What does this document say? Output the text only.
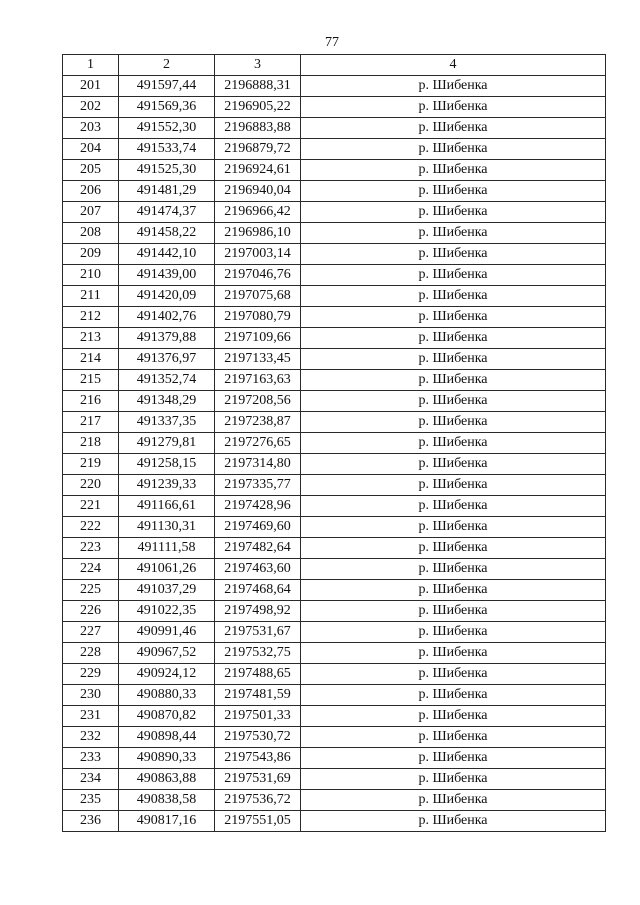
77
1	2	3	4
201	491597,44	2196888,31	р. Шибенка
202	491569,36	2196905,22	р. Шибенка
203	491552,30	2196883,88	р. Шибенка
204	491533,74	2196879,72	р. Шибенка
205	491525,30	2196924,61	р. Шибенка
206	491481,29	2196940,04	р. Шибенка
207	491474,37	2196966,42	р. Шибенка
208	491458,22	2196986,10	р. Шибенка
209	491442,10	2197003,14	р. Шибенка
210	491439,00	2197046,76	р. Шибенка
211	491420,09	2197075,68	р. Шибенка
212	491402,76	2197080,79	р. Шибенка
213	491379,88	2197109,66	р. Шибенка
214	491376,97	2197133,45	р. Шибенка
215	491352,74	2197163,63	р. Шибенка
216	491348,29	2197208,56	р. Шибенка
217	491337,35	2197238,87	р. Шибенка
218	491279,81	2197276,65	р. Шибенка
219	491258,15	2197314,80	р. Шибенка
220	491239,33	2197335,77	р. Шибенка
221	491166,61	2197428,96	р. Шибенка
222	491130,31	2197469,60	р. Шибенка
223	491111,58	2197482,64	р. Шибенка
224	491061,26	2197463,60	р. Шибенка
225	491037,29	2197468,64	р. Шибенка
226	491022,35	2197498,92	р. Шибенка
227	490991,46	2197531,67	р. Шибенка
228	490967,52	2197532,75	р. Шибенка
229	490924,12	2197488,65	р. Шибенка
230	490880,33	2197481,59	р. Шибенка
231	490870,82	2197501,33	р. Шибенка
232	490898,44	2197530,72	р. Шибенка
233	490890,33	2197543,86	р. Шибенка
234	490863,88	2197531,69	р. Шибенка
235	490838,58	2197536,72	р. Шибенка
236	490817,16	2197551,05	р. Шибенка
